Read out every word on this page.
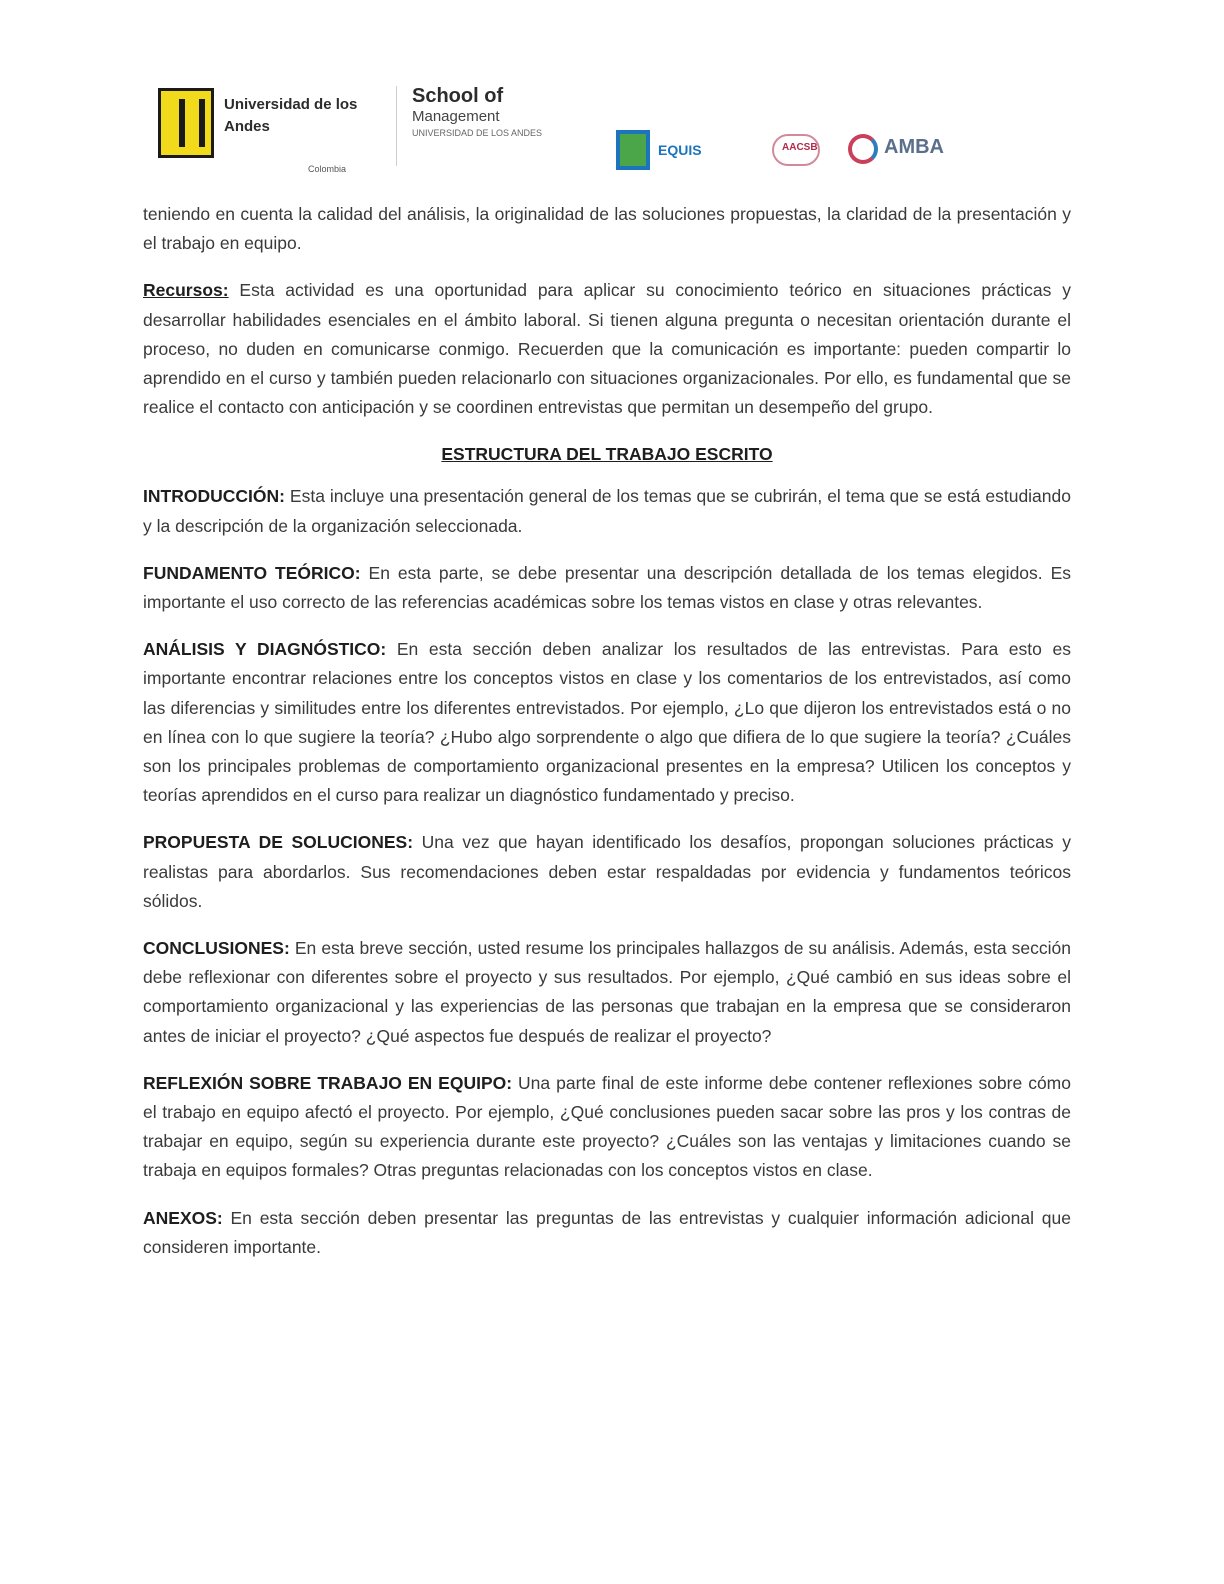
Universidad de los Andes
Colombia
School of
Management
UNIVERSIDAD DE LOS ANDES
EQUIS	AACSB	AMBA

teniendo en cuenta la calidad del análisis, la originalidad de las soluciones propuestas, la claridad de la presentación y el trabajo en equipo.

Recursos: Esta actividad es una oportunidad para aplicar su conocimiento teórico en situaciones prácticas y desarrollar habilidades esenciales en el ámbito laboral. Si tienen alguna pregunta o necesitan orientación durante el proceso, no duden en comunicarse conmigo. Recuerden que la comunicación es importante: pueden compartir lo aprendido en el curso y también pueden relacionarlo con situaciones organizacionales. Por ello, es fundamental que se realice el contacto con anticipación y se coordinen entrevistas que permitan un desempeño del grupo.

ESTRUCTURA DEL TRABAJO ESCRITO

INTRODUCCIÓN: Esta incluye una presentación general de los temas que se cubrirán, el tema que se está estudiando y la descripción de la organización seleccionada.

FUNDAMENTO TEÓRICO: En esta parte, se debe presentar una descripción detallada de los temas elegidos. Es importante el uso correcto de las referencias académicas sobre los temas vistos en clase y otras relevantes.

ANÁLISIS Y DIAGNÓSTICO: En esta sección deben analizar los resultados de las entrevistas. Para esto es importante encontrar relaciones entre los conceptos vistos en clase y los comentarios de los entrevistados, así como las diferencias y similitudes entre los diferentes entrevistados. Por ejemplo, ¿Lo que dijeron los entrevistados está o no en línea con lo que sugiere la teoría? ¿Hubo algo sorprendente o algo que difiera de lo que sugiere la teoría? ¿Cuáles son los principales problemas de comportamiento organizacional presentes en la empresa? Utilicen los conceptos y teorías aprendidos en el curso para realizar un diagnóstico fundamentado y preciso.

PROPUESTA DE SOLUCIONES: Una vez que hayan identificado los desafíos, propongan soluciones prácticas y realistas para abordarlos. Sus recomendaciones deben estar respaldadas por evidencia y fundamentos teóricos sólidos.

CONCLUSIONES: En esta breve sección, usted resume los principales hallazgos de su análisis. Además, esta sección debe reflexionar con diferentes sobre el proyecto y sus resultados. Por ejemplo, ¿Qué cambió en sus ideas sobre el comportamiento organizacional y las experiencias de las personas que trabajan en la empresa que se consideraron antes de iniciar el proyecto? ¿Qué aspectos fue después de realizar el proyecto?

REFLEXIÓN SOBRE TRABAJO EN EQUIPO: Una parte final de este informe debe contener reflexiones sobre cómo el trabajo en equipo afectó el proyecto. Por ejemplo, ¿Qué conclusiones pueden sacar sobre las pros y los contras de trabajar en equipo, según su experiencia durante este proyecto? ¿Cuáles son las ventajas y limitaciones cuando se trabaja en equipos formales? Otras preguntas relacionadas con los conceptos vistos en clase.

ANEXOS: En esta sección deben presentar las preguntas de las entrevistas y cualquier información adicional que consideren importante.
